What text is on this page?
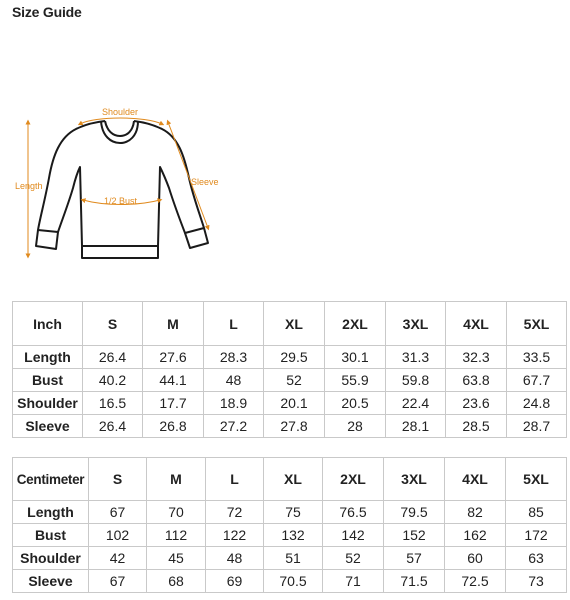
Size Guide
Shoulder
Length
1/2 Bust
Sleeve
Inch	S	M	L	XL	2XL	3XL	4XL	5XL
Length	26.4	27.6	28.3	29.5	30.1	31.3	32.3	33.5
Bust	40.2	44.1	48	52	55.9	59.8	63.8	67.7
Shoulder	16.5	17.7	18.9	20.1	20.5	22.4	23.6	24.8
Sleeve	26.4	26.8	27.2	27.8	28	28.1	28.5	28.7
Centimeter	S	M	L	XL	2XL	3XL	4XL	5XL
Length	67	70	72	75	76.5	79.5	82	85
Bust	102	112	122	132	142	152	162	172
Shoulder	42	45	48	51	52	57	60	63
Sleeve	67	68	69	70.5	71	71.5	72.5	73
